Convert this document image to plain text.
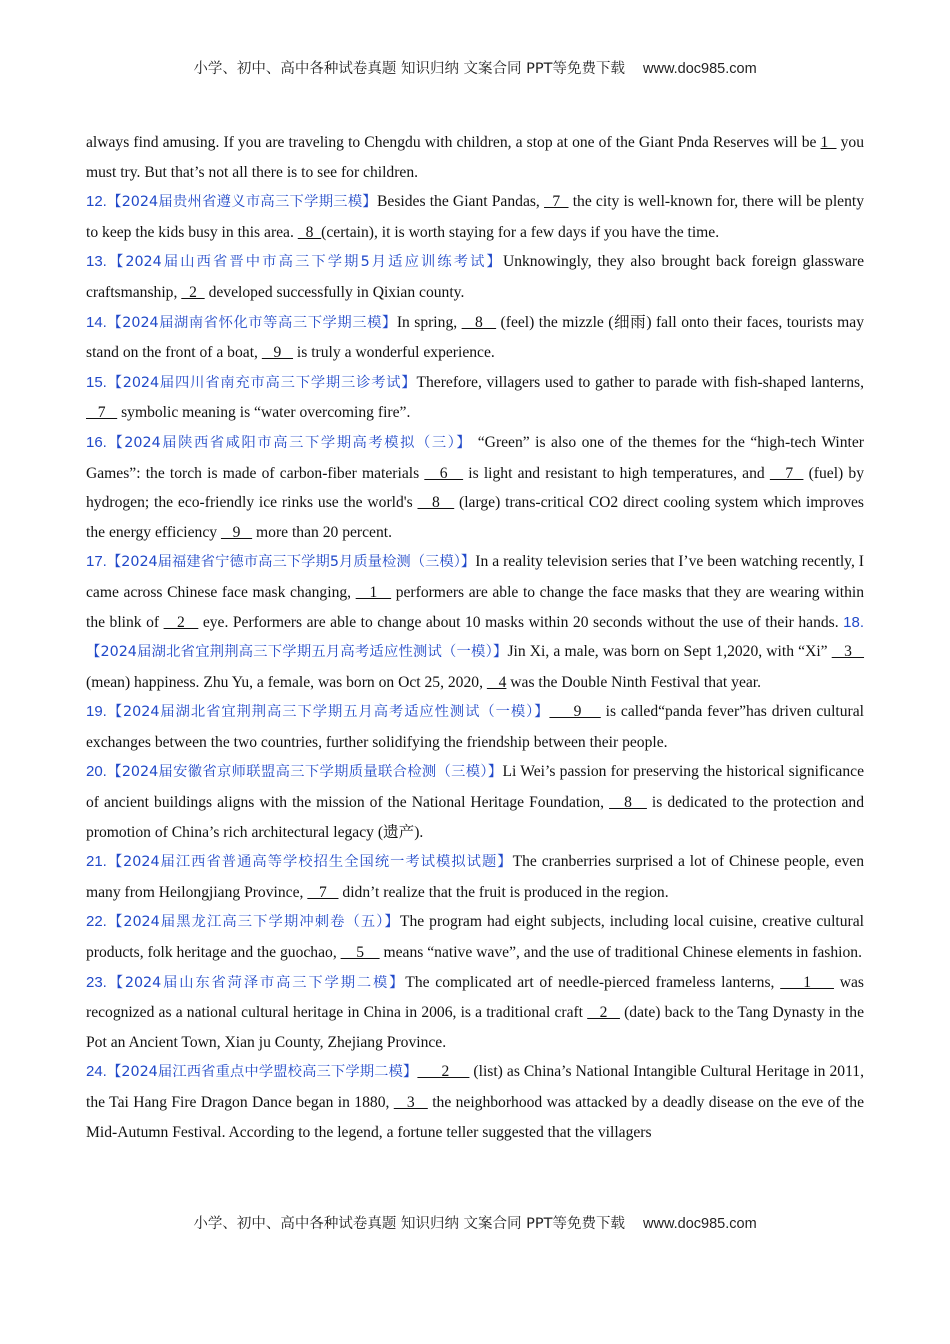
小学、初中、高中各种试卷真题 知识归纳 文案合同 PPT等免费下载 www.doc985.com

always find amusing. If you are traveling to Chengdu with children, a stop at one of the Giant Pnda Reserves will be 1   you must try. But that’s not all there is to see for children.

12.【2024届贵州省遵义市高三下学期三模】Besides the Giant Pandas,   7   the city is well-known for, there will be plenty to keep the kids busy in this area.   8  (certain), it is worth staying for a few days if you have the time.

13.【2024届山西省晋中市高三下学期5月适应训练考试】Unknowingly, they also brought back foreign glassware craftsmanship,   2   developed successfully in Qixian county.

14.【2024届湖南省怀化市等高三下学期三模】In spring,    8    (feel) the mizzle (细雨) fall onto their faces, tourists may stand on the front of a boat,    9    is truly a wonderful experience.

15.【2024届四川省南充市高三下学期三诊考试】Therefore, villagers used to gather to parade with fish-shaped lanterns,    7    symbolic meaning is “water overcoming fire”.

16.【2024届陕西省咸阳市高三下学期高考模拟（三）】 “Green” is also one of the themes for the “high-tech Winter Games”: the torch is made of carbon-fiber materials    6    is light and resistant to high temperatures, and    7   (fuel) by hydrogen; the eco-friendly ice rinks use the world's    8    (large) trans-critical CO2 direct cooling system which improves the energy efficiency    9    more than 20 percent.

17.【2024届福建省宁德市高三下学期5月质量检测（三模）】In a reality television series that I’ve been watching recently, I came across Chinese face mask changing,    1    performers are able to change the face masks that they are wearing within the blink of    2    eye. Performers are able to change about 10 masks within 20 seconds without the use of their hands. 18.【2024届湖北省宜荆荆高三下学期五月高考适应性测试（一模）】Jin Xi, a male, was born on Sept 1,2020, with “Xi”    3    (mean) happiness. Zhu Yu, a female, was born on Oct 25, 2020,    4 was the Double Ninth Festival that year.

19.【2024届湖北省宜荆荆高三下学期五月高考适应性测试（一模）】     9     is called“panda fever”has driven cultural exchanges between the two countries, further solidifying the friendship between their people.

20.【2024届安徽省京师联盟高三下学期质量联合检测（三模）】Li Wei’s passion for preserving the historical significance of ancient buildings aligns with the mission of the National Heritage Foundation,    8    is dedicated to the protection and promotion of China’s rich architectural legacy (遗产).

21.【2024届江西省普通高等学校招生全国统一考试模拟试题】The cranberries surprised a lot of Chinese people, even many from Heilongjiang Province,    7    didn’t realize that the fruit is produced in the region.

22.【2024届黑龙江高三下学期冲刺卷（五）】The program had eight subjects, including local cuisine, creative cultural products, folk heritage and the guochao,     5     means “native wave”, and the use of traditional Chinese elements in fashion.

23.【2024届山东省菏泽市高三下学期二模】The complicated art of needle-pierced frameless lanterns,     1     was recognized as a national cultural heritage in China in 2006, is a traditional craft    2    (date) back to the Tang Dynasty in the Pot an Ancient Town, Xian ju County, Zhejiang Province.

24.【2024届江西省重点中学盟校高三下学期二模】      2      (list) as China’s National Intangible Cultural Heritage in 2011, the Tai Hang Fire Dragon Dance began in 1880,    3    the neighborhood was attacked by a deadly disease on the eve of the Mid-Autumn Festival. According to the legend, a fortune teller suggested that the villagers

小学、初中、高中各种试卷真题 知识归纳 文案合同 PPT等免费下载 www.doc985.com
